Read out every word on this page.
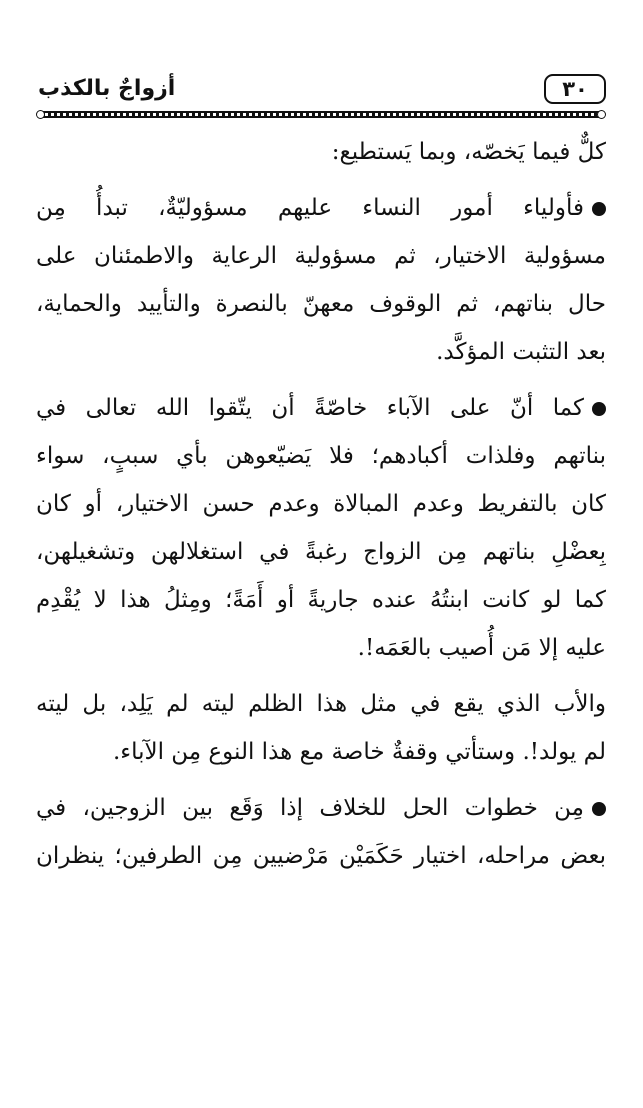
٣٠
أزواجٌ بالكذب
كلٌّ فيما يَخصّه، وبما يَستطيع:
فأولياء أمور النساء عليهم مسؤوليّةٌ، تبدأُ مِن
مسؤولية الاختيار، ثم مسؤولية الرعاية والاطمئنان على
حال بناتهم، ثم الوقوف معهنّ بالنصرة والتأييد والحماية،
بعد التثبت المؤكَّد.
كما أنّ على الآباء خاصّةً أن يتّقوا الله تعالى في
بناتهم وفلذات أكبادهم؛ فلا يَضيّعوهن بأي سببٍ، سواء
كان بالتفريط وعدم المبالاة وعدم حسن الاختيار، أو كان
بِعضْلِ بناتهم مِن الزواج رغبةً في استغلالهن وتشغيلهن،
كما لو كانت ابنتُهُ عنده جاريةً أو أَمَةً؛ ومِثلُ هذا لا يُقْدِم
عليه إلا مَن أُصيب بالعَمَه!.
والأب الذي يقع في مثل هذا الظلم ليته لم يَلِد، بل ليته
لم يولد!. وستأتي وقفةٌ خاصة مع هذا النوع مِن الآباء.
مِن خطوات الحل للخلاف إذا وَقَع بين الزوجين، في
بعض مراحله، اختيار حَكَمَيْن مَرْضيين مِن الطرفين؛ ينظران
